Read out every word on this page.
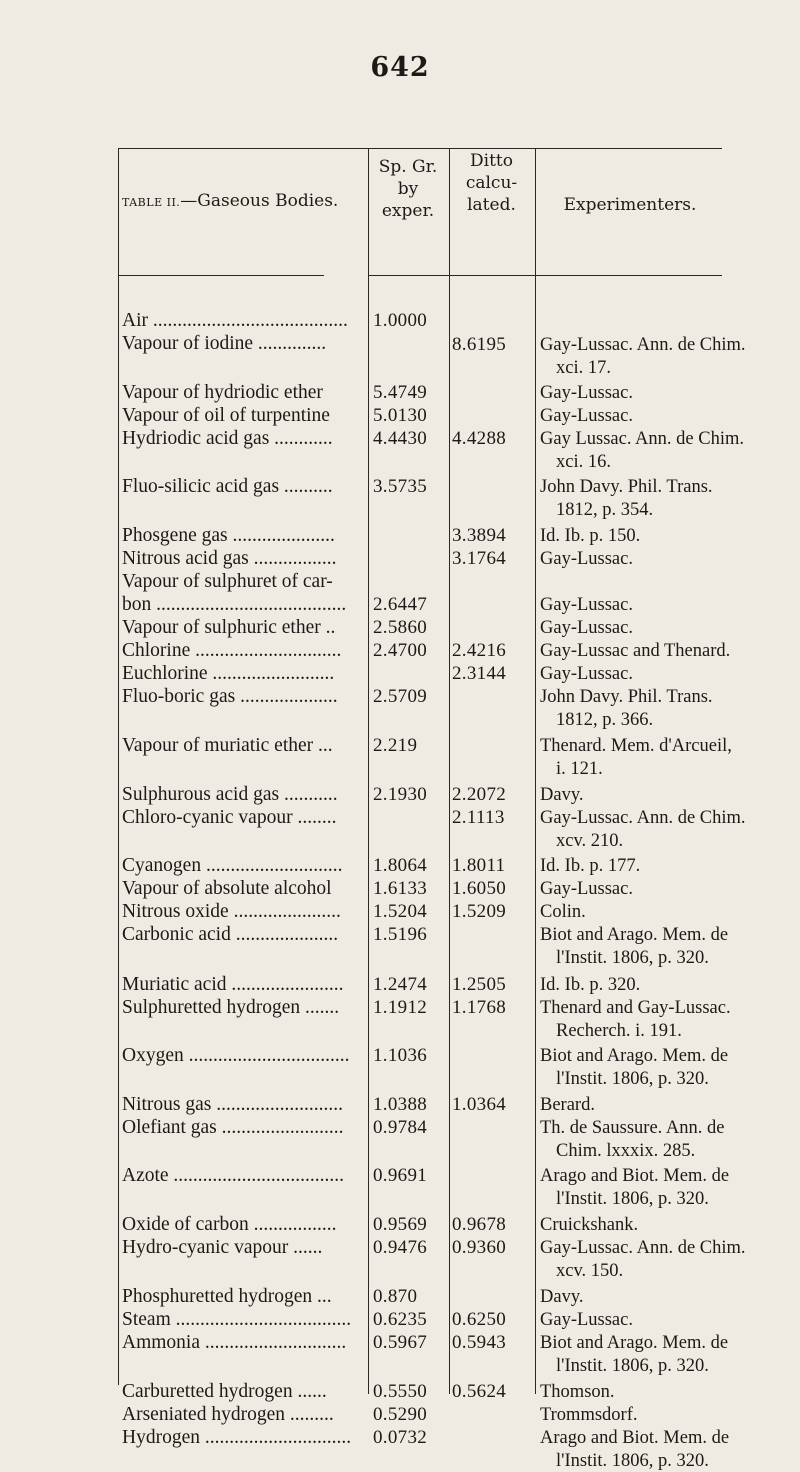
642
TABLE II.—Gaseous Bodies.
Sp. Gr.
by
exper.
Ditto
calcu-
lated.	Experimenters.
Air ........................................
Vapour of iodine ..............
Vapour of hydriodic ether
Vapour of oil of turpentine
Hydriodic acid gas ............
Fluo-silicic acid gas ..........
Phosgene gas .....................
Nitrous acid gas .................
Vapour of sulphuret of car-
bon .......................................
Vapour of sulphuric ether ..
Chlorine ..............................
Euchlorine .........................
Fluo-boric gas ....................
Vapour of muriatic ether ...
Sulphurous acid gas ...........
Chloro-cyanic vapour ........
Cyanogen ............................
Vapour of absolute alcohol
Nitrous oxide ......................
Carbonic acid .....................
Muriatic acid .......................
Sulphuretted hydrogen .......
Oxygen .................................
Nitrous gas ..........................
Olefiant gas .........................
Azote ...................................
Oxide of carbon .................
Hydro-cyanic vapour ......
Phosphuretted hydrogen ...
Steam ....................................
Ammonia .............................
Carburetted hydrogen ......
Arseniated hydrogen .........
Hydrogen ..............................
1.0000
5.4749
5.0130
4.4430
3.5735
2.6447
2.5860
2.4700
2.5709
2.219
2.1930
1.8064
1.6133
1.5204
1.5196
1.2474
1.1912
1.1036
1.0388
0.9784
0.9691
0.9569
0.9476
0.870
0.6235
0.5967
0.5550
0.5290
0.0732
8.6195
4.4288
3.3894
3.1764
2.4216
2.3144
2.2072
2.1113
1.8011
1.6050
1.5209
1.2505
1.1768
1.0364
0.9678
0.9360
0.6250
0.5943
0.5624
Gay-Lussac. Ann. de Chim.
xci. 17.
Gay-Lussac.
Gay-Lussac.
Gay Lussac. Ann. de Chim.
xci. 16.
John Davy. Phil. Trans.
1812, p. 354.
Id. Ib. p. 150.
Gay-Lussac.
Gay-Lussac.
Gay-Lussac.
Gay-Lussac and Thenard.
Gay-Lussac.
John Davy. Phil. Trans.
1812, p. 366.
Thenard. Mem. d'Arcueil,
i. 121.
Davy.
Gay-Lussac. Ann. de Chim.
xcv. 210.
Id. Ib. p. 177.
Gay-Lussac.
Colin.
Biot and Arago. Mem. de
l'Instit. 1806, p. 320.
Id. Ib. p. 320.
Thenard and Gay-Lussac.
Recherch. i. 191.
Biot and Arago. Mem. de
l'Instit. 1806, p. 320.
Berard.
Th. de Saussure. Ann. de
Chim. lxxxix. 285.
Arago and Biot. Mem. de
l'Instit. 1806, p. 320.
Cruickshank.
Gay-Lussac. Ann. de Chim.
xcv. 150.
Davy.
Gay-Lussac.
Biot and Arago. Mem. de
l'Instit. 1806, p. 320.
Thomson.
Trommsdorf.
Arago and Biot. Mem. de
l'Instit. 1806, p. 320.
